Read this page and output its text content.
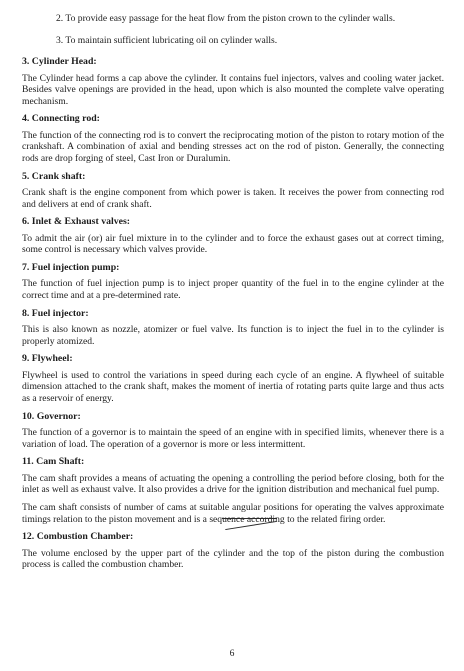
2. To provide easy passage for the heat flow from the piston crown to the cylinder walls.

3. To maintain sufficient lubricating oil on cylinder walls.

3. Cylinder Head:

The Cylinder head forms a cap above the cylinder. It contains fuel injectors, valves and cooling water jacket. Besides valve openings are provided in the head, upon which is also mounted the complete valve operating mechanism.

4. Connecting rod:

The function of the connecting rod is to convert the reciprocating motion of the piston to rotary motion of the crankshaft. A combination of axial and bending stresses act on the rod of piston. Generally, the connecting rods are drop forging of steel, Cast Iron or Duralumin.

5. Crank shaft:

Crank shaft is the engine component from which power is taken. It receives the power from connecting rod and delivers at end of crank shaft.

6. Inlet & Exhaust valves:

To admit the air (or) air fuel mixture in to the cylinder and to force the exhaust gases out at correct timing, some control is necessary which valves provide.

7. Fuel injection pump:

The function of fuel injection pump is to inject proper quantity of the fuel in to the engine cylinder at the correct time and at a pre-determined rate.

8. Fuel injector:

This is also known as nozzle, atomizer or fuel valve. Its function is to inject the fuel in to the cylinder is properly atomized.

9. Flywheel:

Flywheel is used to control the variations in speed during each cycle of an engine. A flywheel of suitable dimension attached to the crank shaft, makes the moment of inertia of rotating parts quite large and thus acts as a reservoir of energy.

10. Governor:

The function of a governor is to maintain the speed of an engine with in specified limits, whenever there is a variation of load. The operation of a governor is more or less intermittent.

11. Cam Shaft:

The cam shaft provides a means of actuating the opening a controlling the period before closing, both for the inlet as well as exhaust valve. It also provides a drive for the ignition distribution and mechanical fuel pump.

The cam shaft consists of number of cams at suitable angular positions for operating the valves approximate timings relation to the piston movement and is a sequence according to the related firing order.

12. Combustion Chamber:

The volume enclosed by the upper part of the cylinder and the top of the piston during the combustion process is called the combustion chamber.

6
